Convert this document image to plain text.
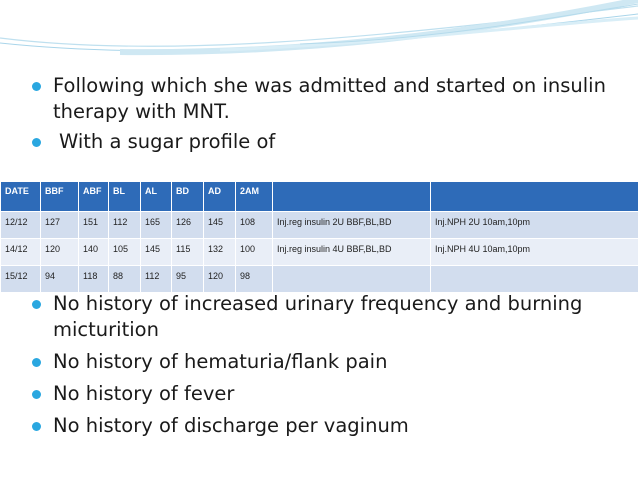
Following which she was admitted and started on insulin therapy with MNT.
With a sugar profile of
DATE	BBF	ABF	BL	AL	BD	AD	2AM		
12/12	127	151	112	165	126	145	108	Inj.reg insulin 2U BBF,BL,BD	Inj.NPH 2U 10am,10pm
14/12	120	140	105	145	115	132	100	Inj.reg insulin 4U BBF,BL,BD	Inj.NPH 4U 10am,10pm
15/12	94	118	88	112	95	120	98		
No history of increased urinary frequency and burning micturition
No history of hematuria/flank pain
No history of fever
No history of discharge per vaginum
